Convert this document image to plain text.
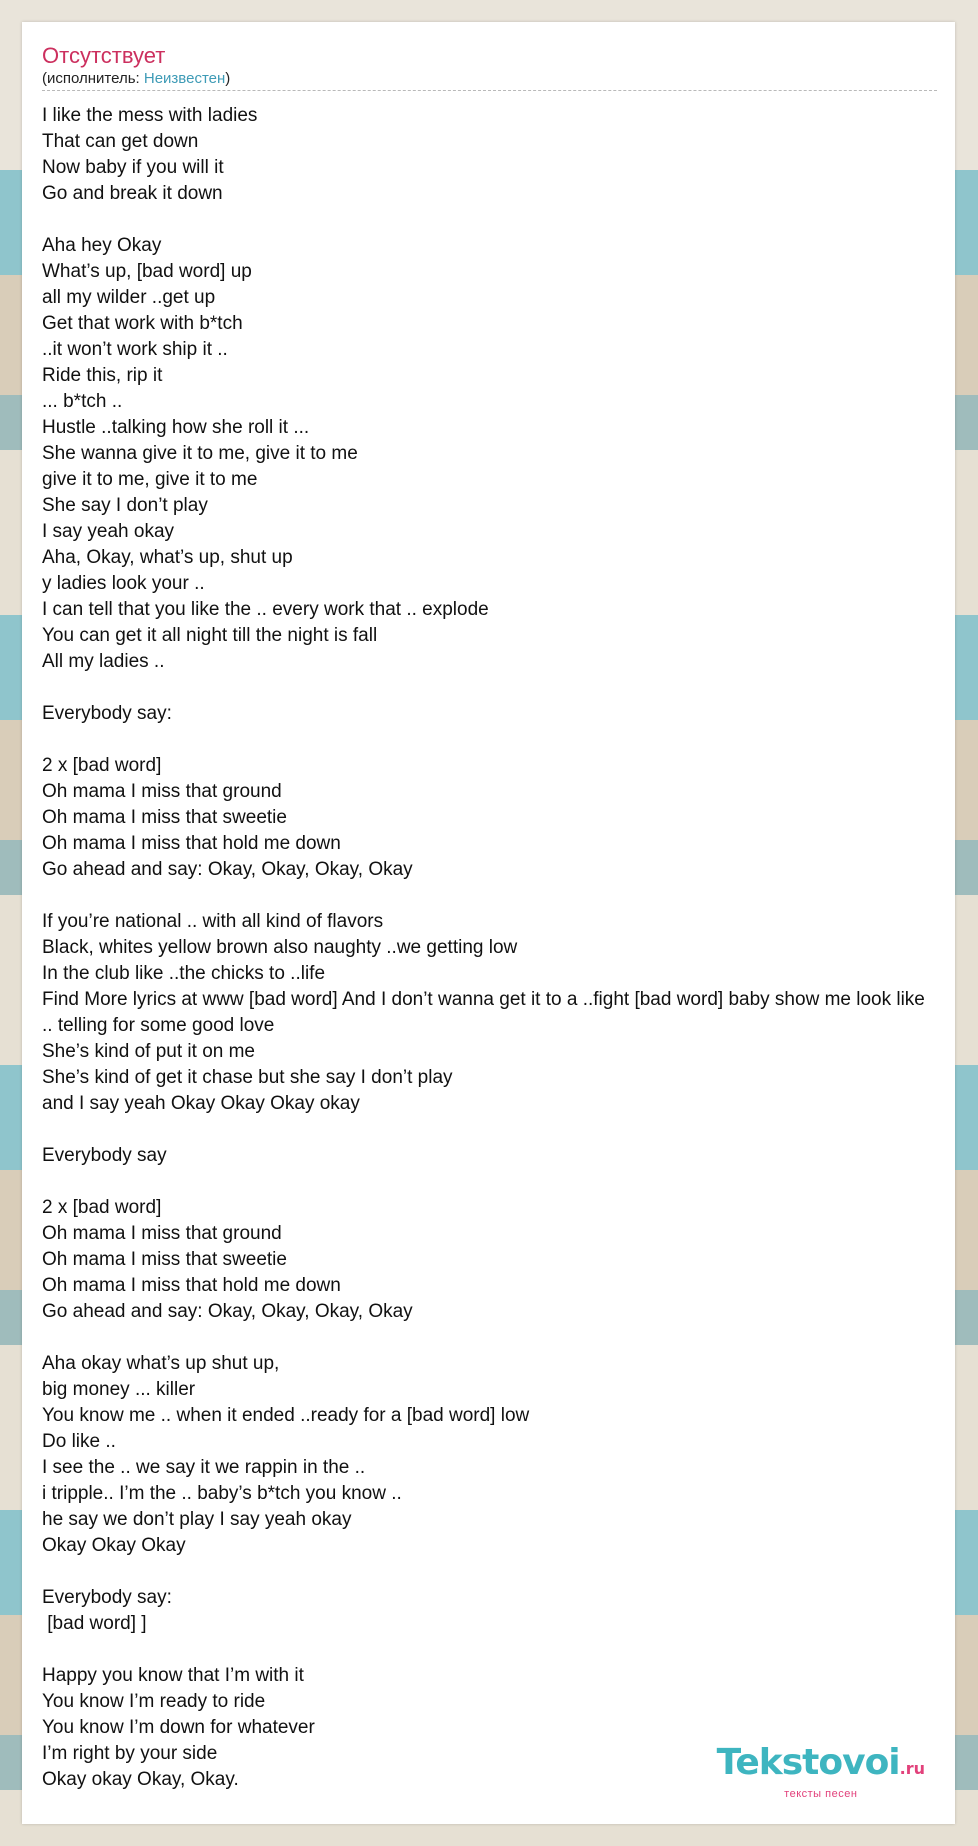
Отсутствует
(исполнитель: Неизвестен)
I like the mess with ladies
That can get down
Now baby if you will it
Go and break it down

Aha hey Okay
What’s up, [bad word] up
all my wilder ..get up
Get that work with b*tch
..it won’t work ship it ..
Ride this, rip it
... b*tch ..
Hustle ..talking how she roll it ...
She wanna give it to me, give it to me
give it to me, give it to me
She say I don’t play
I say yeah okay
Aha, Okay, what’s up, shut up
y ladies look your ..
I can tell that you like the .. every work that .. explode
You can get it all night till the night is fall
All my ladies ..

Everybody say:

2 x [bad word]
Oh mama I miss that ground
Oh mama I miss that sweetie
Oh mama I miss that hold me down
Go ahead and say: Okay, Okay, Okay, Okay

If you’re national .. with all kind of flavors
Black, whites yellow brown also naughty ..we getting low
In the club like ..the chicks to ..life
Find More lyrics at www [bad word] And I don’t wanna get it to a ..fight [bad word] baby show me look like
.. telling for some good love
She’s kind of put it on me
She’s kind of get it chase but she say I don’t play
and I say yeah Okay Okay Okay okay

Everybody say

2 x [bad word]
Oh mama I miss that ground
Oh mama I miss that sweetie
Oh mama I miss that hold me down
Go ahead and say: Okay, Okay, Okay, Okay

Aha okay what’s up shut up,
big money ... killer
You know me .. when it ended ..ready for a [bad word] low
Do like ..
I see the .. we say it we rappin in the ..
i tripple.. I’m the .. baby’s b*tch you know ..
he say we don’t play I say yeah okay
Okay Okay Okay

Everybody say:
[bad word] ]

Happy you know that I’m with it
You know I’m ready to ride
You know I’m down for whatever
I’m right by your side
Okay okay Okay, Okay.	Tekstovoi.ru
тексты песен
